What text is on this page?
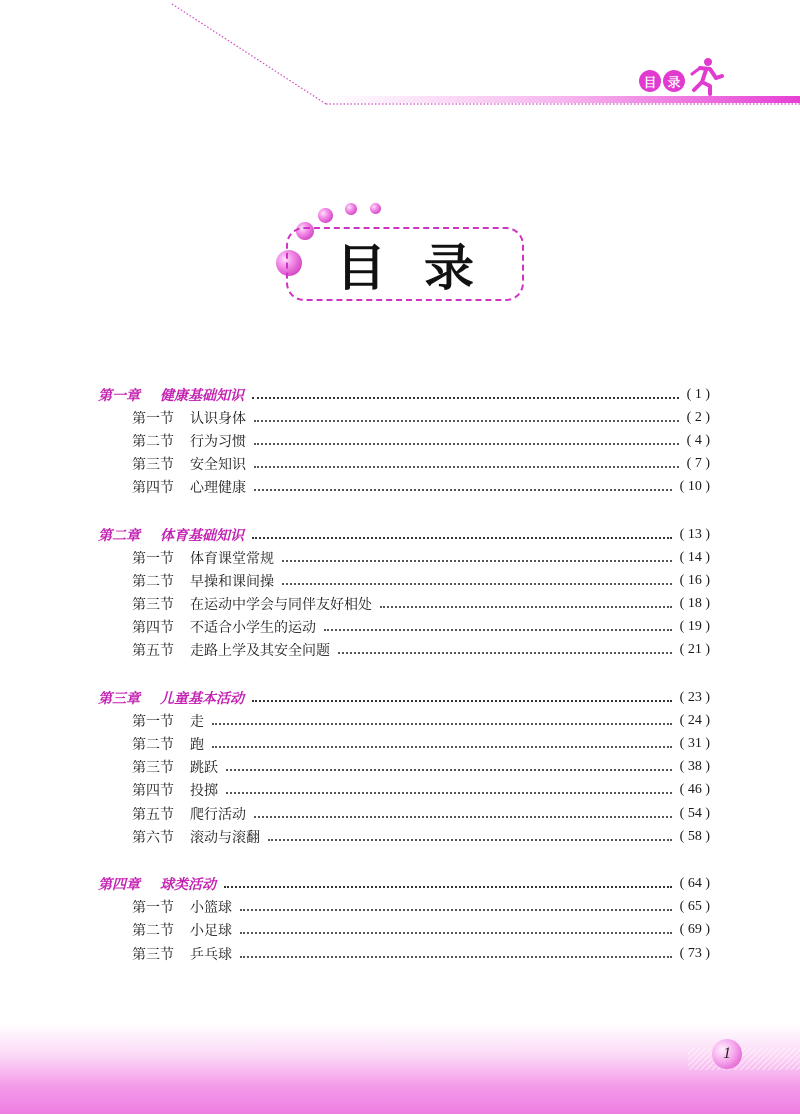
目 录
目录
第一章 健康基础知识	( 1 )
第一节 认识身体	( 2 )
第二节 行为习惯	( 4 )
第三节 安全知识	( 7 )
第四节 心理健康	( 10 )
第二章 体育基础知识	( 13 )
第一节 体育课堂常规	( 14 )
第二节 早操和课间操	( 16 )
第三节 在运动中学会与同伴友好相处	( 18 )
第四节 不适合小学生的运动	( 19 )
第五节 走路上学及其安全问题	( 21 )
第三章 儿童基本活动	( 23 )
第一节 走	( 24 )
第二节 跑	( 31 )
第三节 跳跃	( 38 )
第四节 投掷	( 46 )
第五节 爬行活动	( 54 )
第六节 滚动与滚翻	( 58 )
第四章 球类活动	( 64 )
第一节 小篮球	( 65 )
第二节 小足球	( 69 )
第三节 乒乓球	( 73 )
1
